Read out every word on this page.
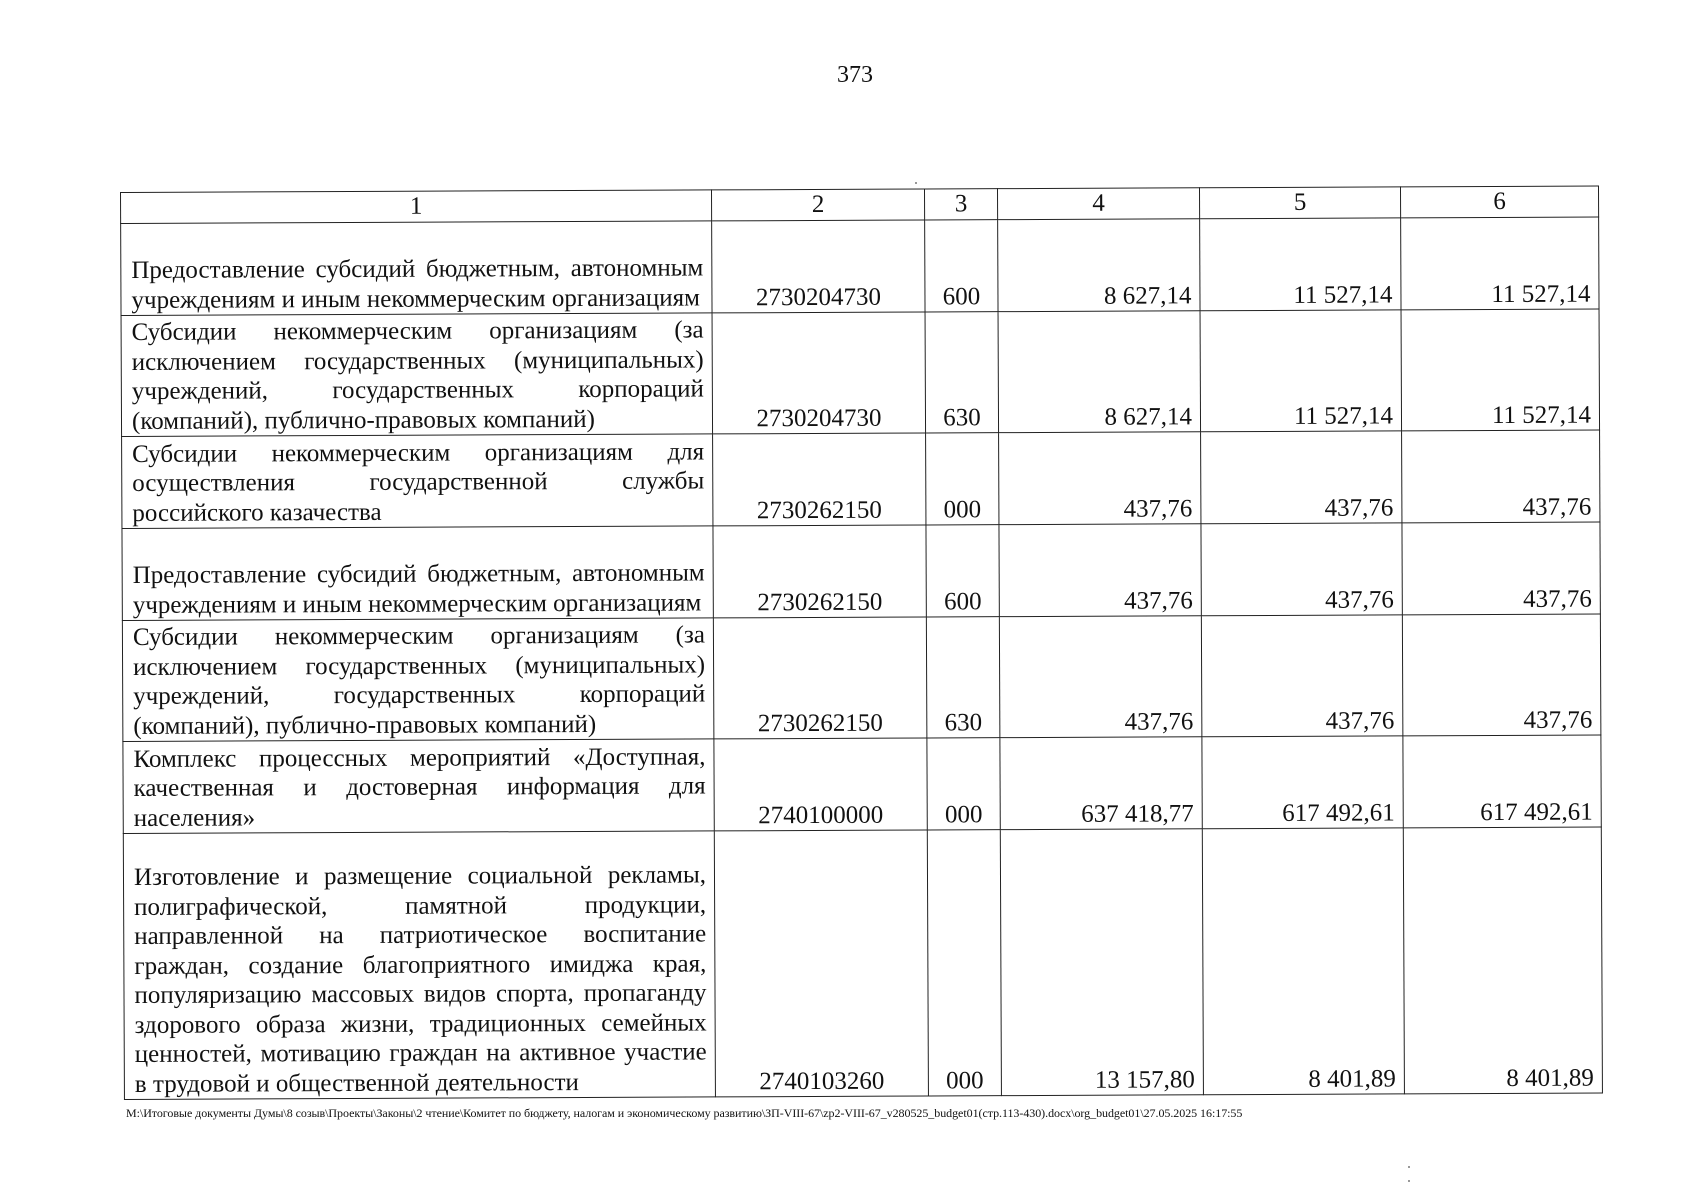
373
1	2	3	4	5	6
Предоставление субсидий бюджетным, автономным учреждениям и иным некоммерческим организациям	2730204730	600	8 627,14	11 527,14	11 527,14
Субсидии некоммерческим организациям (за исключением государственных (муниципальных) учреждений, государственных корпораций (компаний), публично-правовых компаний)	2730204730	630	8 627,14	11 527,14	11 527,14
Субсидии некоммерческим организациям для осуществления государственной службы российского казачества	2730262150	000	437,76	437,76	437,76
Предоставление субсидий бюджетным, автономным учреждениям и иным некоммерческим организациям	2730262150	600	437,76	437,76	437,76
Субсидии некоммерческим организациям (за исключением государственных (муниципальных) учреждений, государственных корпораций (компаний), публично-правовых компаний)	2730262150	630	437,76	437,76	437,76
Комплекс процессных мероприятий «Доступная, качественная и достоверная информация для населения»	2740100000	000	637 418,77	617 492,61	617 492,61
Изготовление и размещение социальной рекламы, полиграфической, памятной продукции, направленной на патриотическое воспитание граждан, создание благоприятного имиджа края, популяризацию массовых видов спорта, пропаганду здорового образа жизни, традиционных семейных ценностей, мотивацию граждан на активное участие в трудовой и общественной деятельности	2740103260	000	13 157,80	8 401,89	8 401,89
M:\Итоговые документы Думы\8 созыв\Проекты\Законы\2 чтение\Комитет по бюджету, налогам и экономическому развитию\ЗП-VIII-67\zp2-VIII-67_v280525_budget01(стр.113-430).docx\org_budget01\27.05.2025 16:17:55
